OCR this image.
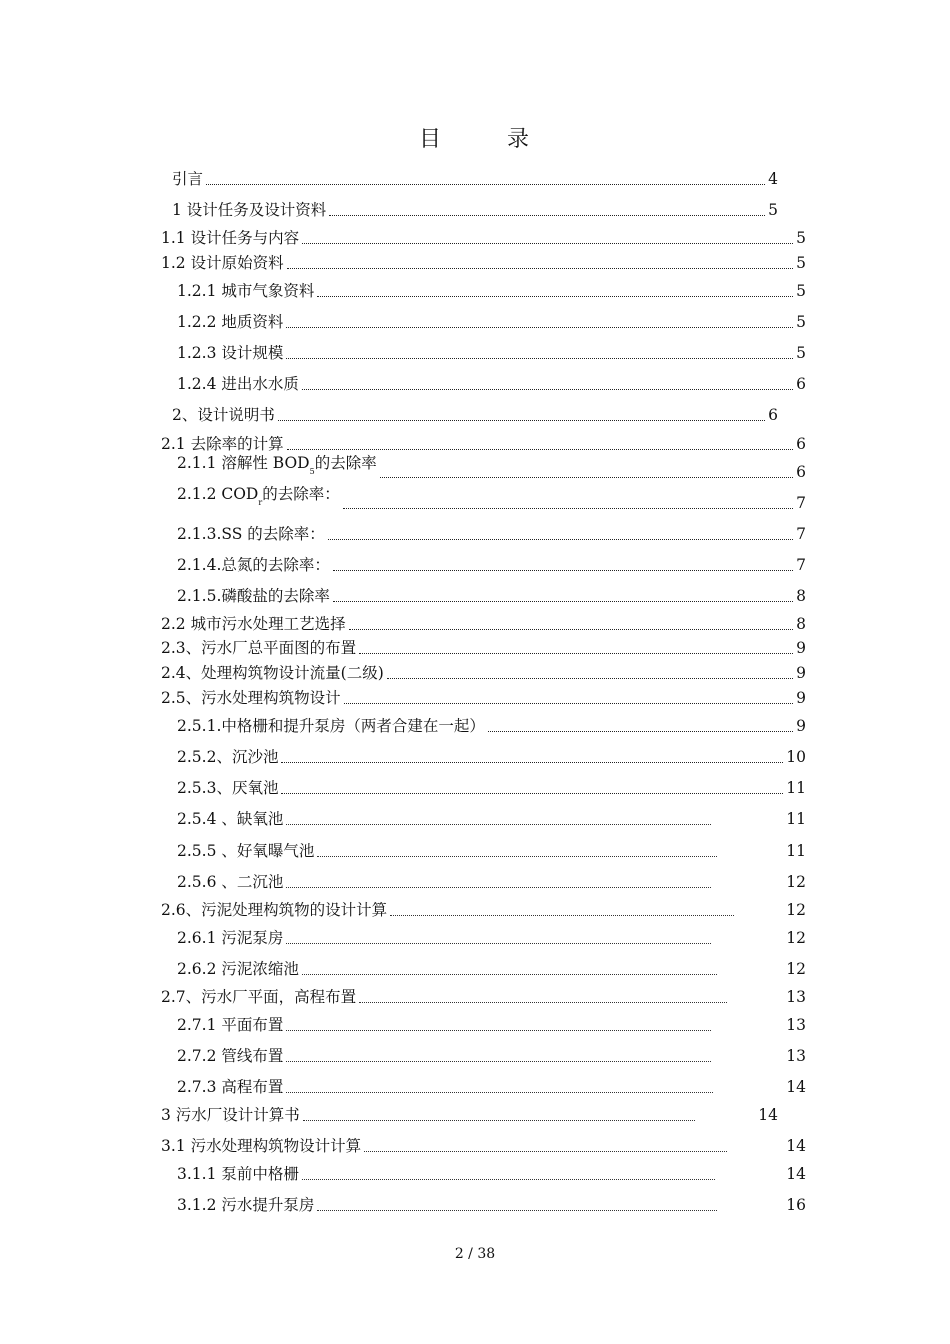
目	录
引言	4
1 设计任务及设计资料	5
1.1 设计任务与内容	5
1.2 设计原始资料	5
1.2.1 城市气象资料	5
1.2.2 地质资料	5
1.2.3 设计规模	5
1.2.4 进出水水质	6
2、设计说明书	6
2.1 去除率的计算	6
2.1.1 溶解性 $BOD_5$的去除率	6
2.1.2 $COD_r$的去除率：	7
2.1.3.SS 的去除率：	7
2.1.4.总氮的去除率：	7
2.1.5.磷酸盐的去除率	8
2.2 城市污水处理工艺选择	8
2.3、污水厂总平面图的布置	9
2.4、处理构筑物设计流量(二级)	9
2.5、污水处理构筑物设计	9
2.5.1.中格栅和提升泵房（两者合建在一起）	9
2.5.2、沉沙池	10
2.5.3、厌氧池	11
2.5.4 、缺氧池	11
2.5.5 、好氧曝气池	11
2.5.6 、二沉池	12
2.6、污泥处理构筑物的设计计算	12
2.6.1 污泥泵房	12
2.6.2 污泥浓缩池	12
2.7、污水厂平面，高程布置	13
2.7.1 平面布置	13
2.7.2 管线布置	13
2.7.3 高程布置	14
3 污水厂设计计算书	14
3.1 污水处理构筑物设计计算	14
3.1.1 泵前中格栅	14
3.1.2 污水提升泵房	16
2 / 38
